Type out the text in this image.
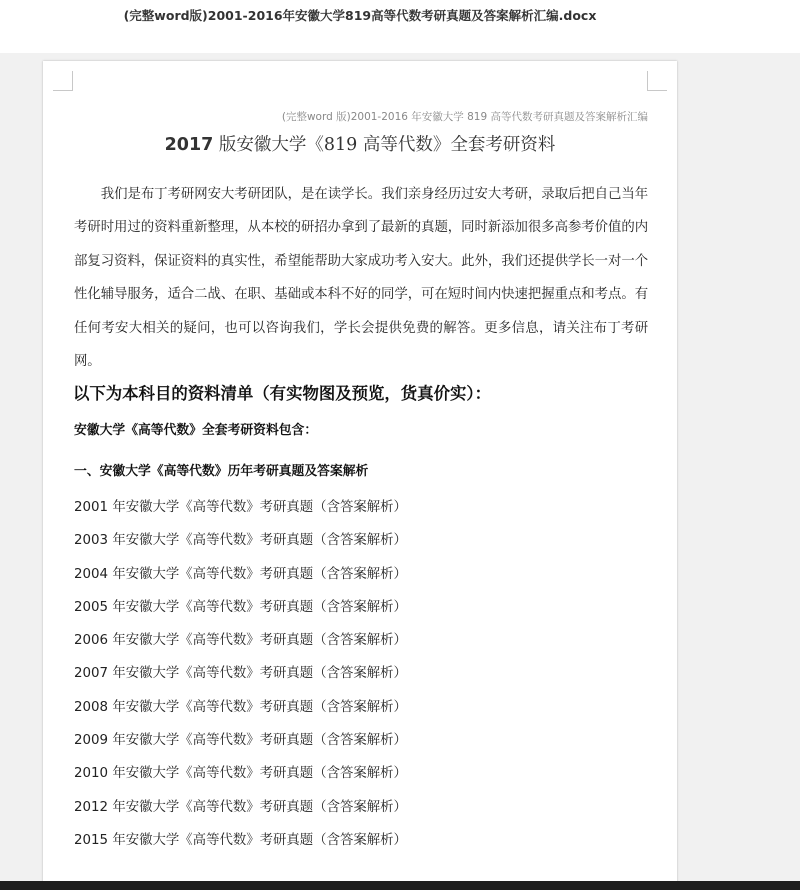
(完整word版)2001-2016年安徽大学819高等代数考研真题及答案解析汇编.docx
(完整word 版)2001-2016 年安徽大学 819 高等代数考研真题及答案解析汇编
2017 版安徽大学《819 高等代数》全套考研资料

我们是布丁考研网安大考研团队，是在读学长。我们亲身经历过安大考研，录取后把自己当年考研时用过的资料重新整理，从本校的研招办拿到了最新的真题，同时新添加很多高参考价值的内部复习资料，保证资料的真实性，希望能帮助大家成功考入安大。此外，我们还提供学长一对一个性化辅导服务，适合二战、在职、基础或本科不好的同学，可在短时间内快速把握重点和考点。有任何考安大相关的疑问，也可以咨询我们，学长会提供免费的解答。更多信息，请关注布丁考研网。

以下为本科目的资料清单（有实物图及预览，货真价实）：
安徽大学《高等代数》全套考研资料包含：
一、安徽大学《高等代数》历年考研真题及答案解析
2001 年安徽大学《高等代数》考研真题（含答案解析）
2003 年安徽大学《高等代数》考研真题（含答案解析）
2004 年安徽大学《高等代数》考研真题（含答案解析）
2005 年安徽大学《高等代数》考研真题（含答案解析）
2006 年安徽大学《高等代数》考研真题（含答案解析）
2007 年安徽大学《高等代数》考研真题（含答案解析）
2008 年安徽大学《高等代数》考研真题（含答案解析）
2009 年安徽大学《高等代数》考研真题（含答案解析）
2010 年安徽大学《高等代数》考研真题（含答案解析）
2012 年安徽大学《高等代数》考研真题（含答案解析）
2015 年安徽大学《高等代数》考研真题（含答案解析）
